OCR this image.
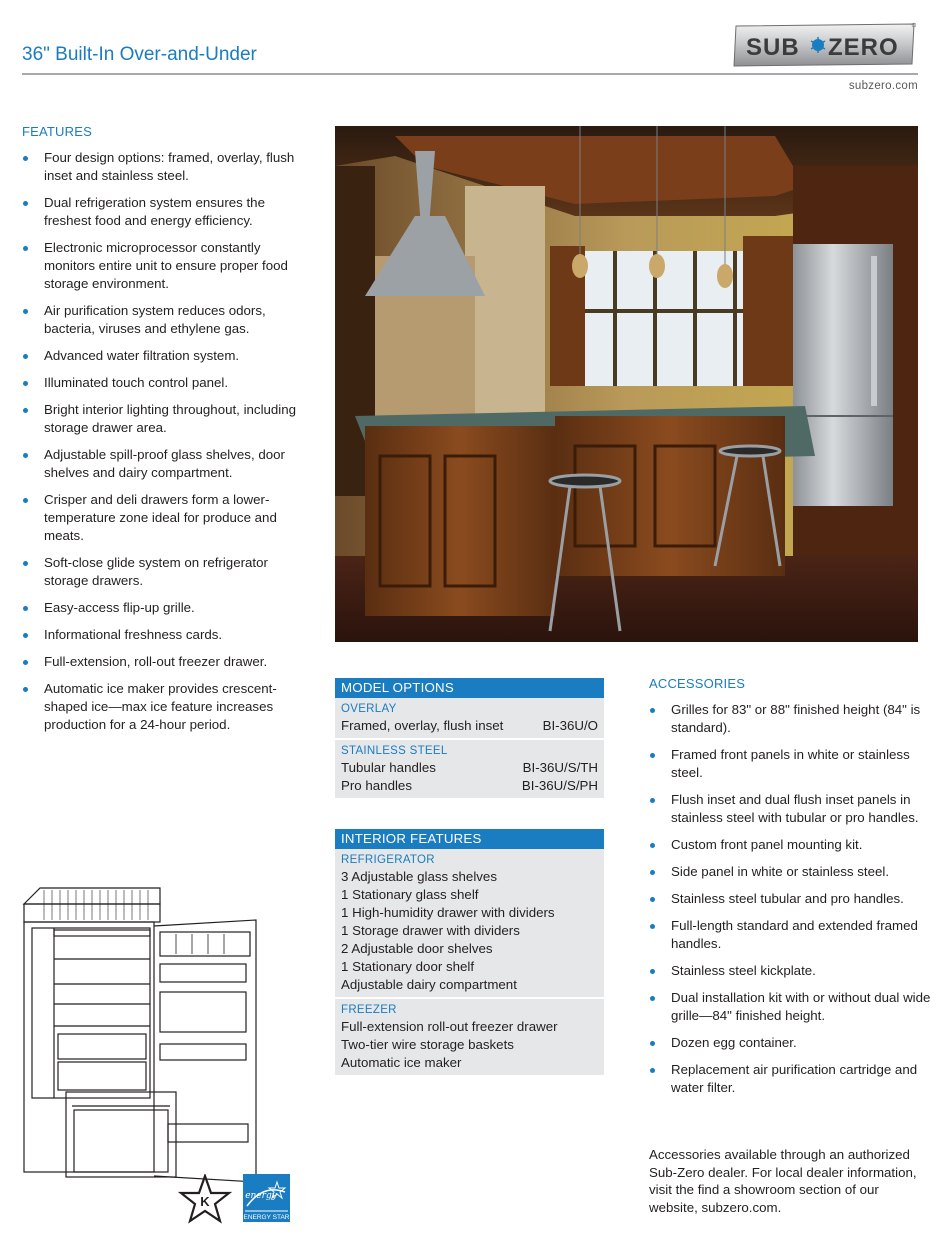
36" Built-In Over-and-Under	SUB ZERO
subzero.com
FEATURES
Four design options: framed, overlay, flush inset and stainless steel.
Dual refrigeration system ensures the freshest food and energy efficiency.
Electronic microprocessor constantly monitors entire unit to ensure proper food storage environment.
Air purification system reduces odors, bacteria, viruses and ethylene gas.
Advanced water filtration system.
Illuminated touch control panel.
Bright interior lighting throughout, including storage drawer area.
Adjustable spill-proof glass shelves, door shelves and dairy compartment.
Crisper and deli drawers form a lower-temperature zone ideal for produce and meats.
Soft-close glide system on refrigerator storage drawers.
Easy-access flip-up grille.
Informational freshness cards.
Full-extension, roll-out freezer drawer.
Automatic ice maker provides crescent-shaped ice—max ice feature increases production for a 24-hour period.
MODEL OPTIONS
OVERLAY
Framed, overlay, flush inset	BI-36U/O
STAINLESS STEEL
Tubular handles	BI-36U/S/TH
Pro handles	BI-36U/S/PH
INTERIOR FEATURES
REFRIGERATOR
3 Adjustable glass shelves
1 Stationary glass shelf
1 High-humidity drawer with dividers
1 Storage drawer with dividers
2 Adjustable door shelves
1 Stationary door shelf
Adjustable dairy compartment
FREEZER
Full-extension roll-out freezer drawer
Two-tier wire storage baskets
Automatic ice maker
ACCESSORIES
Grilles for 83" or 88" finished height (84" is standard).
Framed front panels in white or stainless steel.
Flush inset and dual flush inset panels in stainless steel with tubular or pro handles.
Custom front panel mounting kit.
Side panel in white or stainless steel.
Stainless steel tubular and pro handles.
Full-length standard and extended framed handles.
Stainless steel kickplate.
Dual installation kit with or without dual wide grille—84" finished height.
Dozen egg container.
Replacement air purification cartridge and water filter.
Accessories available through an authorized Sub-Zero dealer. For local dealer information, visit the find a showroom section of our website, subzero.com.
K	energy
ENERGY STAR
